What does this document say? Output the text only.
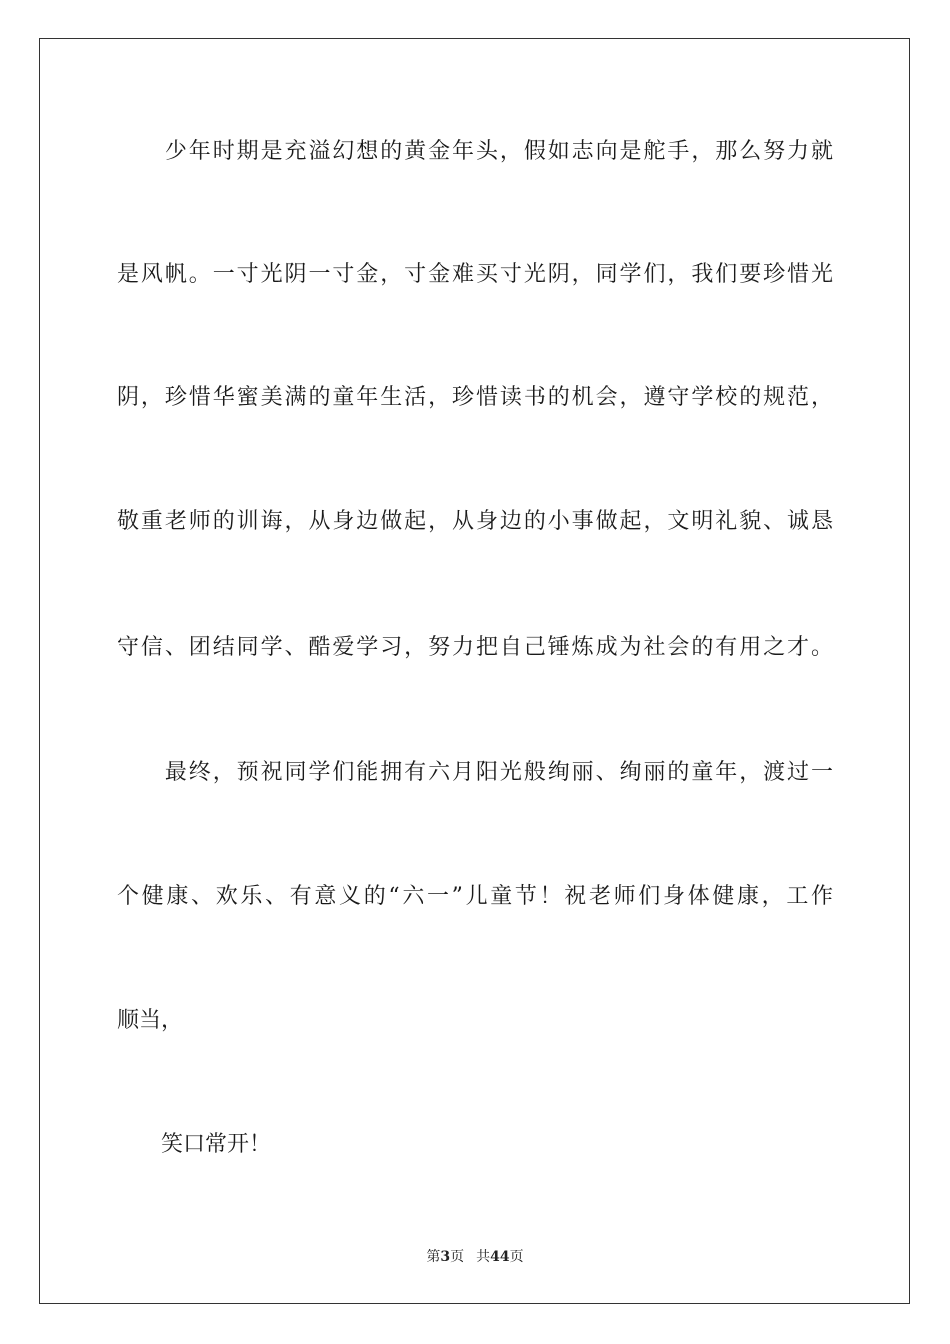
　　少年时期是充溢幻想的黄金年头，假如志向是舵手，那么努力就
是风帆。一寸光阴一寸金，寸金难买寸光阴，同学们，我们要珍惜光
阴，珍惜华蜜美满的童年生活，珍惜读书的机会，遵守学校的规范，
敬重老师的训诲，从身边做起，从身边的小事做起，文明礼貌、诚恳
守信、团结同学、酷爱学习，努力把自己锤炼成为社会的有用之才。
　　最终，预祝同学们能拥有六月阳光般绚丽、绚丽的童年，渡过一
个健康、欢乐、有意义的“六一”儿童节！祝老师们身体健康，工作
顺当，
　　笑口常开！
第3页 共44页
